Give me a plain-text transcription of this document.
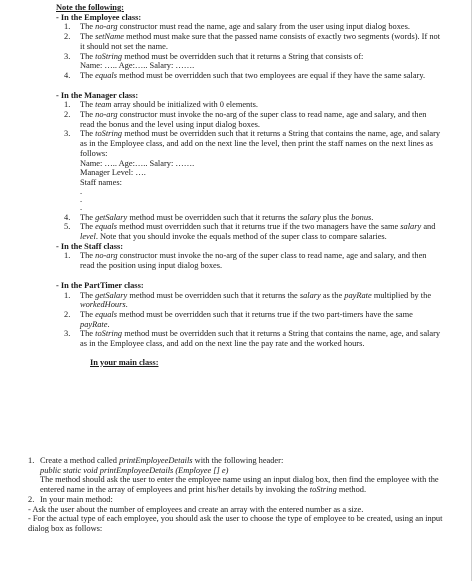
Note the following:
- In the Employee class:
1. The no-arg constructor must read the name, age and salary from the user using input dialog boxes.
2. The setName method must make sure that the passed name consists of exactly two segments (words). If not it should not set the name.
3. The toString method must be overridden such that it returns a String that consists of:
Name: ….. Age:….. Salary: …….
4. The equals method must be overridden such that two employees are equal if they have the same salary.
- In the Manager class:
1. The team array should be initialized with 0 elements.
2. The no-arg constructor must invoke the no-arg of the super class to read name, age and salary, and then read the bonus and the level using input dialog boxes.
3. The toString method must be overridden such that it returns a String that contains the name, age, and salary as in the Employee class, and add on the next line the level, then print the staff names on the next lines as follows:
Name: ….. Age:….. Salary: …….
Manager Level: ….
Staff names:
.
.
.
4. The getSalary method must be overridden such that it returns the salary plus the bonus.
5. The equals method must overridden such that it returns true if the two managers have the same salary and level. Note that you should invoke the equals method of the super class to compare salaries.
- In the Staff class:
1. The no-arg constructor must invoke the no-arg of the super class to read name, age and salary, and then read the position using input dialog boxes.
- In the PartTimer class:
1. The getSalary method must be overridden such that it returns the salary as the payRate multiplied by the workedHours.
2. The equals method must be overridden such that it returns true if the two part-timers have the same payRate.
3. The toString method must be overridden such that it returns a String that contains the name, age, and salary as in the Employee class, and add on the next line the pay rate and the worked hours.
In your main class:
1. Create a method called printEmployeeDetails with the following header:
public static void printEmployeeDetails (Employee [] e)
The method should ask the user to enter the employee name using an input dialog box, then find the employee with the entered name in the array of employees and print his/her details by invoking the toString method.
2. In your main method:
- Ask the user about the number of employees and create an array with the entered number as a size.
- For the actual type of each employee, you should ask the user to choose the type of employee to be created, using an input dialog box as follows:
